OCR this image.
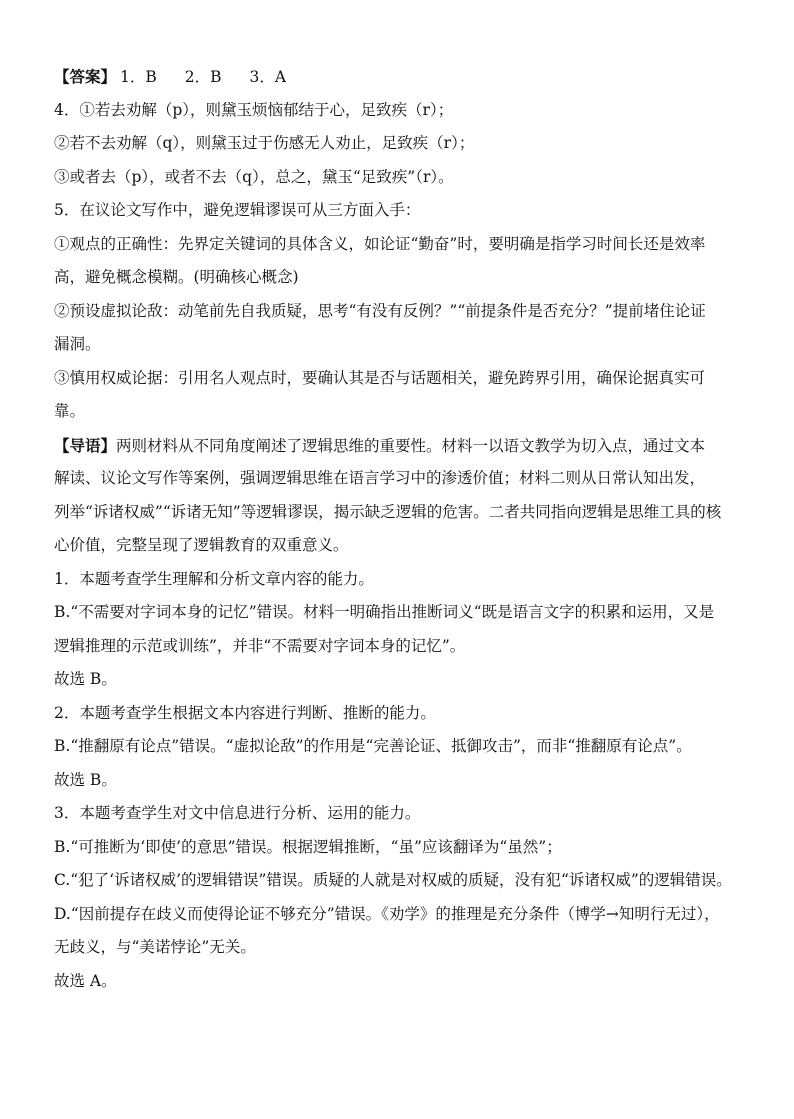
【答案】 1．B 2．B 3．A
4．①若去劝解（p），则黛玉烦恼郁结于心，足致疾（r）；
②若不去劝解（q），则黛玉过于伤感无人劝止，足致疾（r）；
③或者去（p），或者不去（q），总之，黛玉“足致疾”（r）。
5．在议论文写作中，避免逻辑谬误可从三方面入手：
①观点的正确性：先界定关键词的具体含义，如论证“勤奋”时，要明确是指学习时间长还是效率
高，避免概念模糊。(明确核心概念)
②预设虚拟论敌：动笔前先自我质疑，思考“有没有反例？”“前提条件是否充分？”提前堵住论证
漏洞。
③慎用权威论据：引用名人观点时，要确认其是否与话题相关，避免跨界引用，确保论据真实可
靠。
【导语】两则材料从不同角度阐述了逻辑思维的重要性。材料一以语文教学为切入点，通过文本
解读、议论文写作等案例，强调逻辑思维在语言学习中的渗透价值；材料二则从日常认知出发，
列举“诉诸权威”“诉诸无知”等逻辑谬误，揭示缺乏逻辑的危害。二者共同指向逻辑是思维工具的核
心价值，完整呈现了逻辑教育的双重意义。
1．本题考查学生理解和分析文章内容的能力。
B.“不需要对字词本身的记忆”错误。材料一明确指出推断词义“既是语言文字的积累和运用，又是
逻辑推理的示范或训练”，并非“不需要对字词本身的记忆”。
故选 B。
2．本题考查学生根据文本内容进行判断、推断的能力。
B.“推翻原有论点”错误。“虚拟论敌”的作用是“完善论证、抵御攻击”，而非“推翻原有论点”。
故选 B。
3．本题考查学生对文中信息进行分析、运用的能力。
B.“可推断为‘即使’的意思”错误。根据逻辑推断，“虽”应该翻译为“虽然”；
C.“犯了‘诉诸权威’的逻辑错误”错误。质疑的人就是对权威的质疑，没有犯“诉诸权威”的逻辑错误。
D.“因前提存在歧义而使得论证不够充分”错误。《劝学》的推理是充分条件（博学→知明行无过），
无歧义，与“美诺悖论”无关。
故选 A。
